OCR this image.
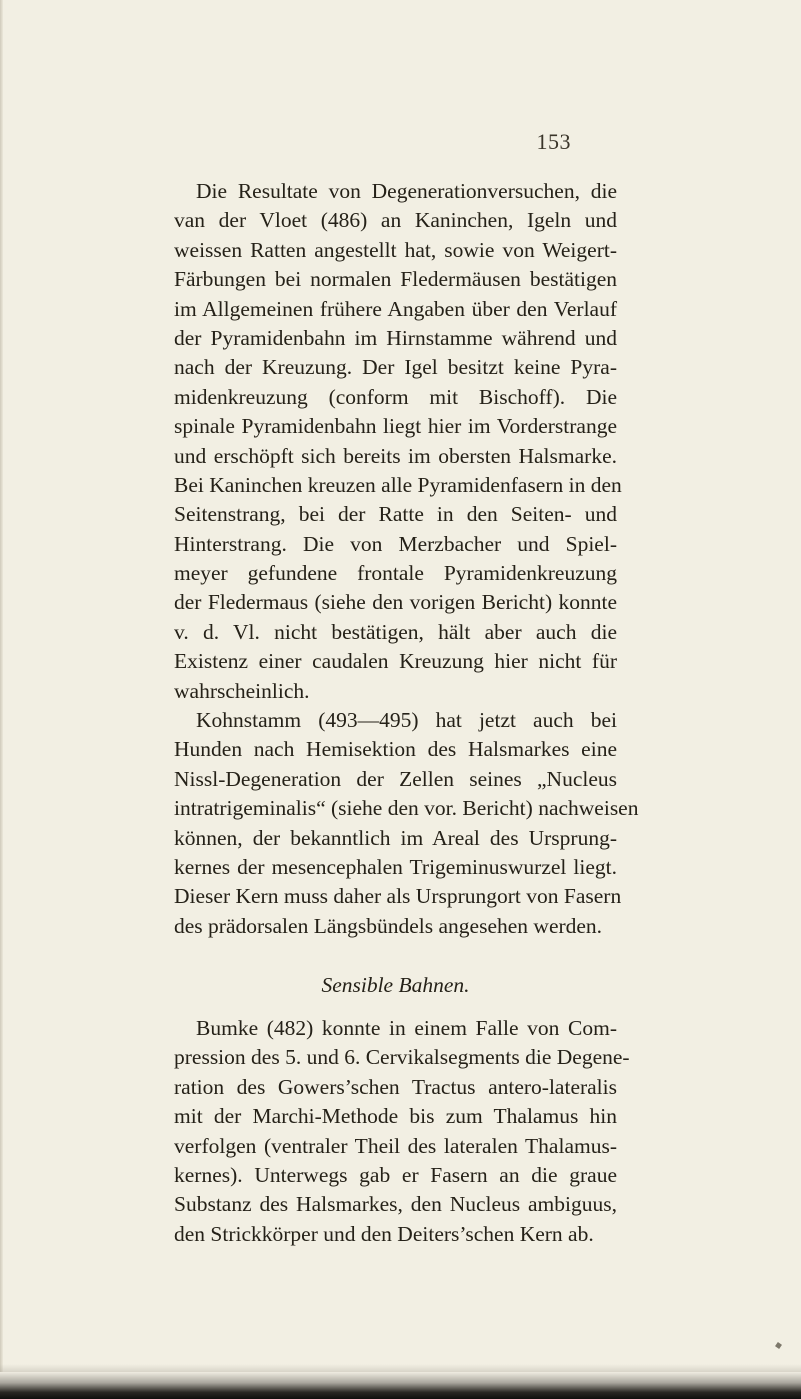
153
Die Resultate von Degenerationversuchen, die
van der Vloet (486) an Kaninchen, Igeln und
weissen Ratten angestellt hat, sowie von Weigert-
Färbungen bei normalen Fledermäusen bestätigen
im Allgemeinen frühere Angaben über den Verlauf
der Pyramidenbahn im Hirnstamme während und
nach der Kreuzung. Der Igel besitzt keine Pyra-
midenkreuzung (conform mit Bischoff). Die
spinale Pyramidenbahn liegt hier im Vorderstrange
und erschöpft sich bereits im obersten Halsmarke.
Bei Kaninchen kreuzen alle Pyramidenfasern in den
Seitenstrang, bei der Ratte in den Seiten- und
Hinterstrang. Die von Merzbacher und Spiel-
meyer gefundene frontale Pyramidenkreuzung
der Fledermaus (siehe den vorigen Bericht) konnte
v. d. Vl. nicht bestätigen, hält aber auch die
Existenz einer caudalen Kreuzung hier nicht für
wahrscheinlich.
Kohnstamm (493—495) hat jetzt auch bei
Hunden nach Hemisektion des Halsmarkes eine
Nissl-Degeneration der Zellen seines „Nucleus
intratrigeminalis“ (siehe den vor. Bericht) nachweisen
können, der bekanntlich im Areal des Ursprung-
kernes der mesencephalen Trigeminuswurzel liegt.
Dieser Kern muss daher als Ursprungort von Fasern
des prädorsalen Längsbündels angesehen werden.
Sensible Bahnen.
Bumke (482) konnte in einem Falle von Com-
pression des 5. und 6. Cervikalsegments die Degene-
ration des Gowers’schen Tractus antero-lateralis
mit der Marchi-Methode bis zum Thalamus hin
verfolgen (ventraler Theil des lateralen Thalamus-
kernes). Unterwegs gab er Fasern an die graue
Substanz des Halsmarkes, den Nucleus ambiguus,
den Strickkörper und den Deiters’schen Kern ab.
